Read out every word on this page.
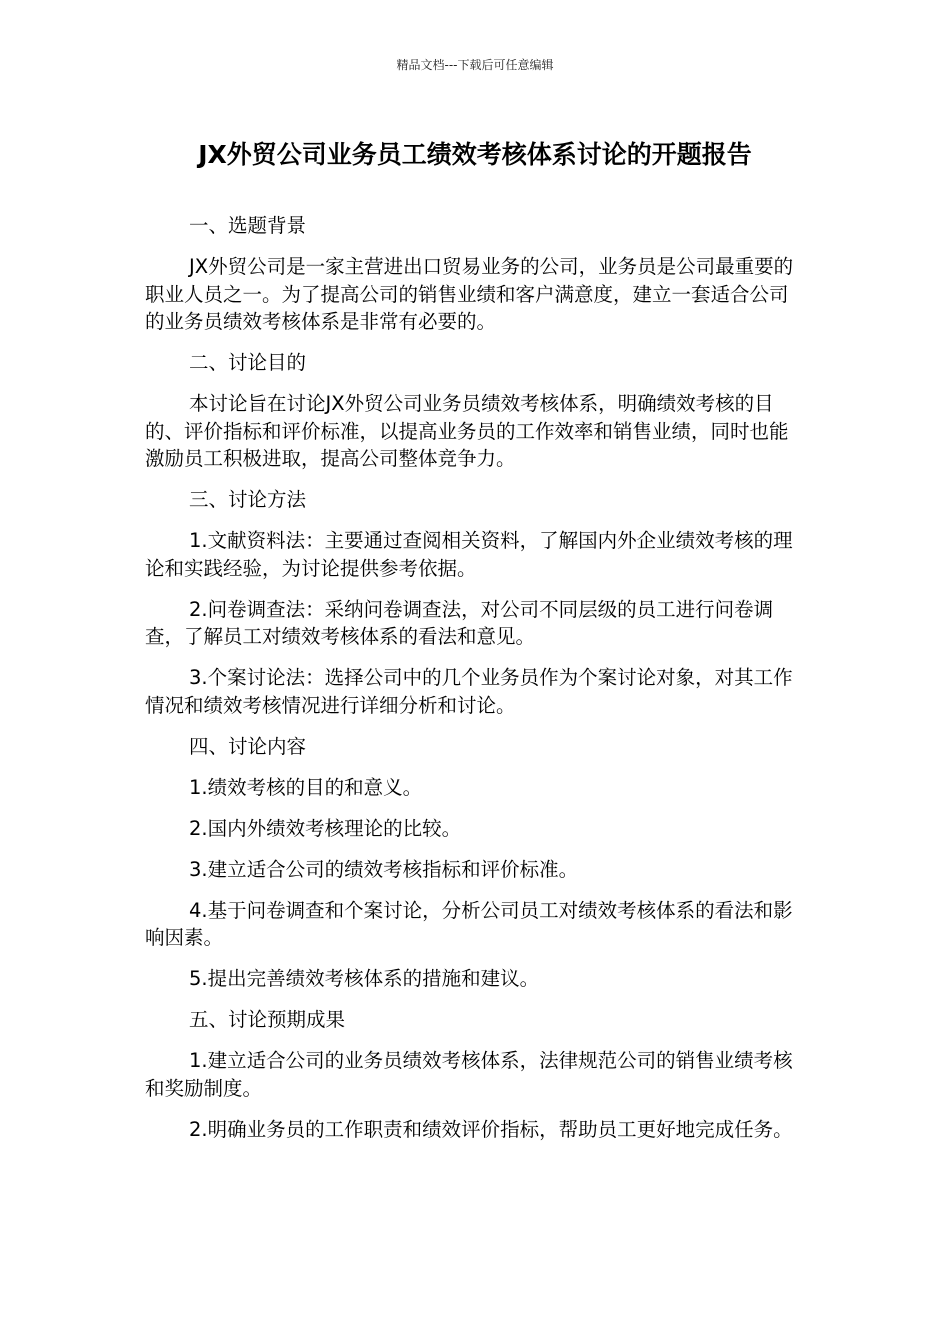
精品文档---下载后可任意编辑
JX外贸公司业务员工绩效考核体系讨论的开题报告

一、选题背景

JX外贸公司是一家主营进出口贸易业务的公司，业务员是公司最重要的职业人员之一。为了提高公司的销售业绩和客户满意度，建立一套适合公司的业务员绩效考核体系是非常有必要的。

二、讨论目的

本讨论旨在讨论JX外贸公司业务员绩效考核体系，明确绩效考核的目的、评价指标和评价标准，以提高业务员的工作效率和销售业绩，同时也能激励员工积极进取，提高公司整体竞争力。

三、讨论方法

1.文献资料法：主要通过查阅相关资料，了解国内外企业绩效考核的理论和实践经验，为讨论提供参考依据。

2.问卷调查法：采纳问卷调查法，对公司不同层级的员工进行问卷调查，了解员工对绩效考核体系的看法和意见。

3.个案讨论法：选择公司中的几个业务员作为个案讨论对象，对其工作情况和绩效考核情况进行详细分析和讨论。

四、讨论内容

1.绩效考核的目的和意义。

2.国内外绩效考核理论的比较。

3.建立适合公司的绩效考核指标和评价标准。

4.基于问卷调查和个案讨论，分析公司员工对绩效考核体系的看法和影响因素。

5.提出完善绩效考核体系的措施和建议。

五、讨论预期成果

1.建立适合公司的业务员绩效考核体系，法律规范公司的销售业绩考核和奖励制度。

2.明确业务员的工作职责和绩效评价指标，帮助员工更好地完成任务。
